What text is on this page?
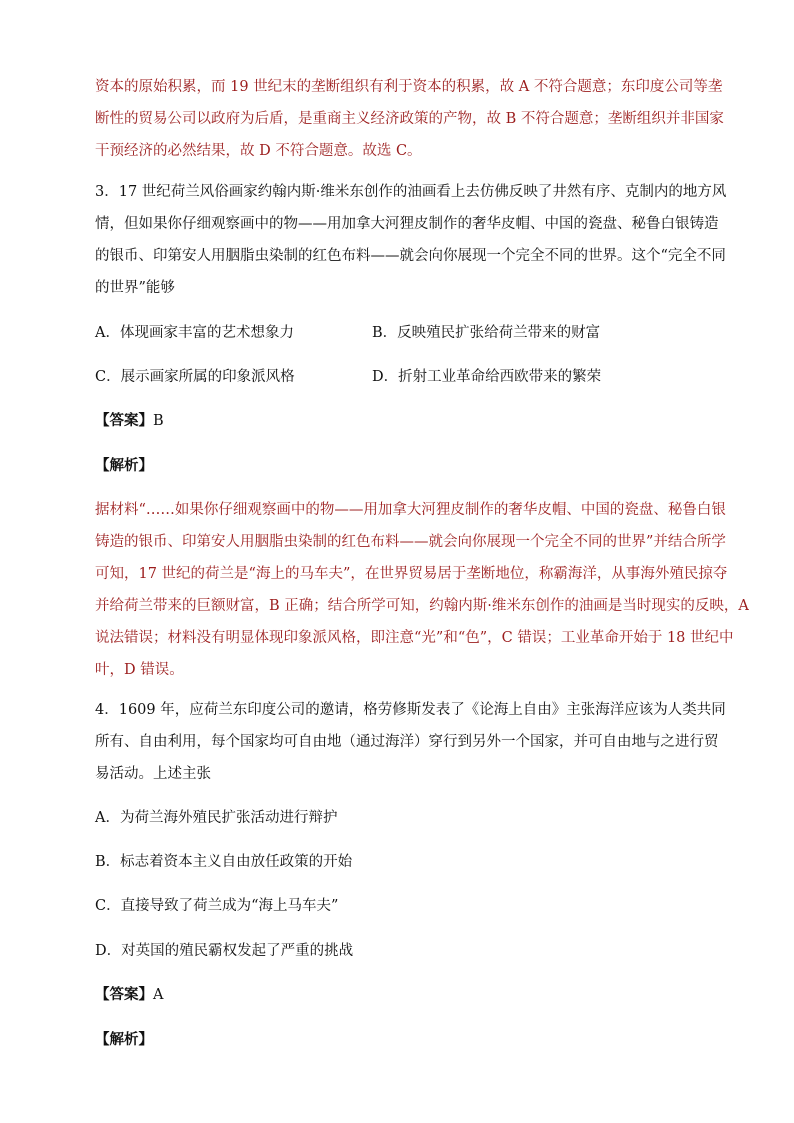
资本的原始积累，而 19 世纪末的垄断组织有利于资本的积累，故 A 不符合题意；东印度公司等垄
断性的贸易公司以政府为后盾，是重商主义经济政策的产物，故 B 不符合题意；垄断组织并非国家
干预经济的必然结果，故 D 不符合题意。故选 C。
3．17 世纪荷兰风俗画家约翰内斯·维米东创作的油画看上去仿佛反映了井然有序、克制内的地方风
情，但如果你仔细观察画中的物——用加拿大河狸皮制作的奢华皮帽、中国的瓷盘、秘鲁白银铸造
的银币、印第安人用胭脂虫染制的红色布料——就会向你展现一个完全不同的世界。这个“完全不同
的世界”能够
A．体现画家丰富的艺术想象力	B．反映殖民扩张给荷兰带来的财富
C．展示画家所属的印象派风格	D．折射工业革命给西欧带来的繁荣
【答案】B
【解析】
据材料“……如果你仔细观察画中的物——用加拿大河狸皮制作的奢华皮帽、中国的瓷盘、秘鲁白银
铸造的银币、印第安人用胭脂虫染制的红色布料——就会向你展现一个完全不同的世界”并结合所学
可知，17 世纪的荷兰是“海上的马车夫”，在世界贸易居于垄断地位，称霸海洋，从事海外殖民掠夺
并给荷兰带来的巨额财富，B 正确；结合所学可知，约翰内斯·维米东创作的油画是当时现实的反映，A
说法错误；材料没有明显体现印象派风格，即注意“光”和“色”，C 错误；工业革命开始于 18 世纪中
叶，D 错误。
4．1609 年，应荷兰东印度公司的邀请，格劳修斯发表了《论海上自由》主张海洋应该为人类共同
所有、自由利用，每个国家均可自由地（通过海洋）穿行到另外一个国家，并可自由地与之进行贸
易活动。上述主张
A．为荷兰海外殖民扩张活动进行辩护
B．标志着资本主义自由放任政策的开始
C．直接导致了荷兰成为“海上马车夫”
D．对英国的殖民霸权发起了严重的挑战
【答案】A
【解析】
